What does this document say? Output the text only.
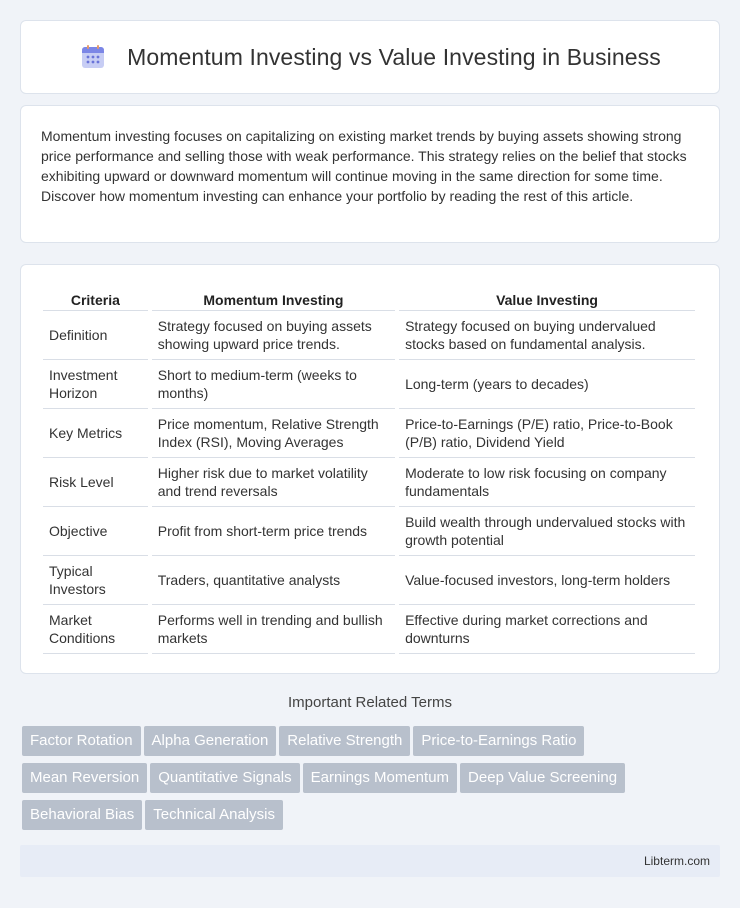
Momentum Investing vs Value Investing in Business

Momentum investing focuses on capitalizing on existing market trends by buying assets showing strong price performance and selling those with weak performance. This strategy relies on the belief that stocks exhibiting upward or downward momentum will continue moving in the same direction for some time. Discover how momentum investing can enhance your portfolio by reading the rest of this article.

Criteria	Momentum Investing	Value Investing
Definition	Strategy focused on buying assets showing upward price trends.	Strategy focused on buying undervalued stocks based on fundamental analysis.
Investment Horizon	Short to medium-term (weeks to months)	Long-term (years to decades)
Key Metrics	Price momentum, Relative Strength Index (RSI), Moving Averages	Price-to-Earnings (P/E) ratio, Price-to-Book (P/B) ratio, Dividend Yield
Risk Level	Higher risk due to market volatility and trend reversals	Moderate to low risk focusing on company fundamentals
Objective	Profit from short-term price trends	Build wealth through undervalued stocks with growth potential
Typical Investors	Traders, quantitative analysts	Value-focused investors, long-term holders
Market Conditions	Performs well in trending and bullish markets	Effective during market corrections and downturns
Important Related Terms
Factor Rotation Alpha Generation Relative Strength Price-to-Earnings Ratio
Mean Reversion Quantitative Signals Earnings Momentum Deep Value Screening
Behavioral Bias Technical Analysis
Libterm.com
